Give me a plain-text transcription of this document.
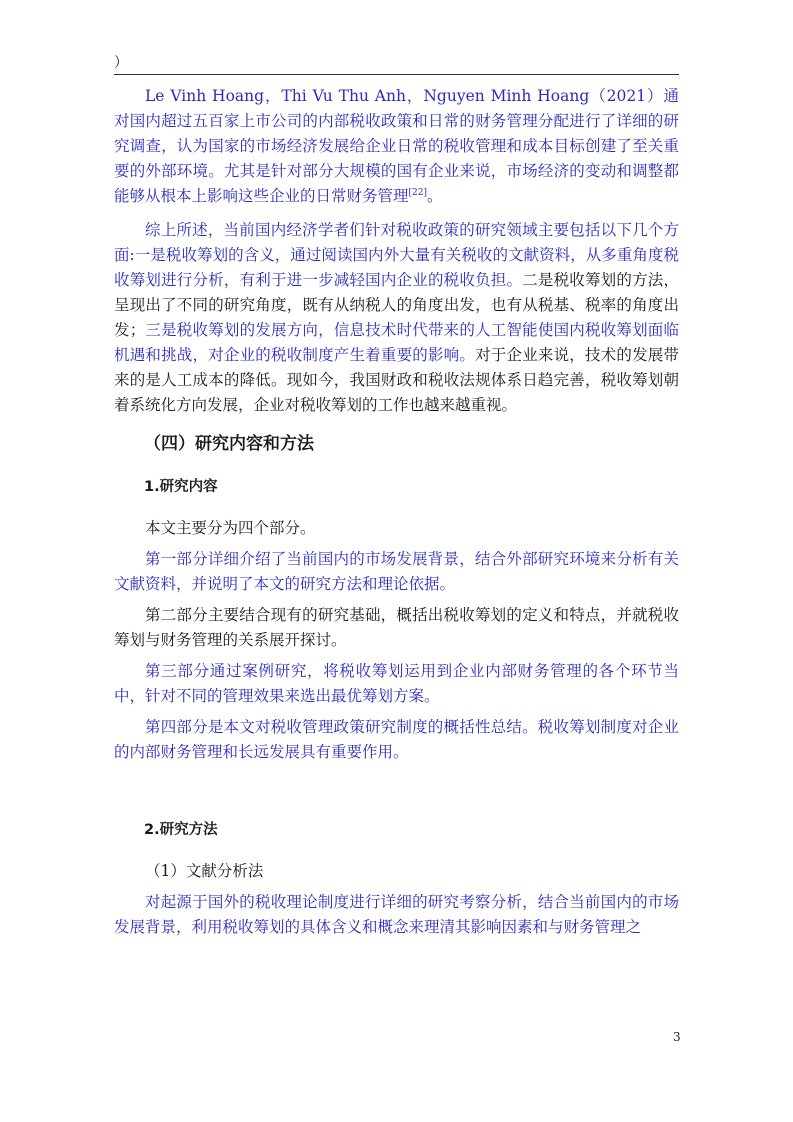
）

Le Vinh Hoang，Thi Vu Thu Anh，Nguyen Minh Hoang（2021）通对国内超过五百家上市公司的内部税收政策和日常的财务管理分配进行了详细的研究调查，认为国家的市场经济发展给企业日常的税收管理和成本目标创建了至关重要的外部环境。尤其是针对部分大规模的国有企业来说，市场经济的变动和调整都能够从根本上影响这些企业的日常财务管理[22]。

综上所述，当前国内经济学者们针对税收政策的研究领域主要包括以下几个方面:一是税收筹划的含义，通过阅读国内外大量有关税收的文献资料，从多重角度税收筹划进行分析，有利于进一步减轻国内企业的税收负担。二是税收筹划的方法，呈现出了不同的研究角度，既有从纳税人的角度出发，也有从税基、税率的角度出发；三是税收筹划的发展方向，信息技术时代带来的人工智能使国内税收筹划面临机遇和挑战，对企业的税收制度产生着重要的影响。对于企业来说，技术的发展带来的是人工成本的降低。现如今，我国财政和税收法规体系日趋完善，税收筹划朝着系统化方向发展，企业对税收筹划的工作也越来越重视。

（四）研究内容和方法
1.研究内容

本文主要分为四个部分。

第一部分详细介绍了当前国内的市场发展背景，结合外部研究环境来分析有关文献资料，并说明了本文的研究方法和理论依据。

第二部分主要结合现有的研究基础，概括出税收筹划的定义和特点，并就税收筹划与财务管理的关系展开探讨。

第三部分通过案例研究，将税收筹划运用到企业内部财务管理的各个环节当中，针对不同的管理效果来选出最优筹划方案。

第四部分是本文对税收管理政策研究制度的概括性总结。税收筹划制度对企业的内部财务管理和长远发展具有重要作用。

2.研究方法

（1）文献分析法

对起源于国外的税收理论制度进行详细的研究考察分析，结合当前国内的市场发展背景，利用税收筹划的具体含义和概念来理清其影响因素和与财务管理之

3
